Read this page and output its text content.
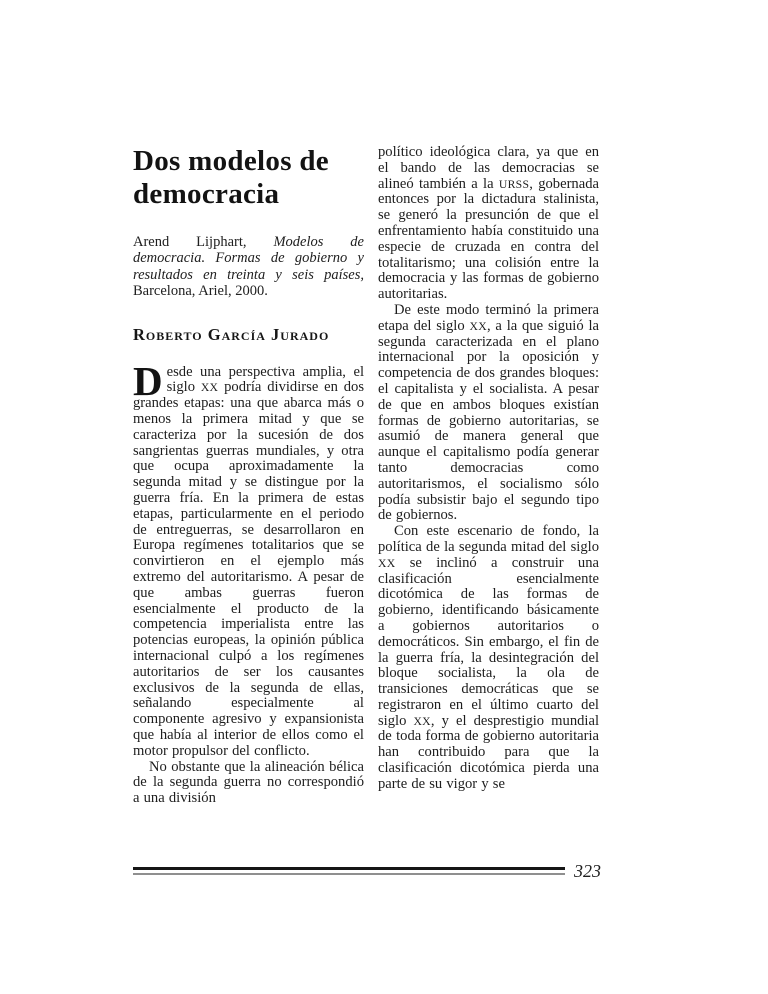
Dos modelos de democracia

Arend Lijphart, Modelos de democracia. Formas de gobierno y resultados en treinta y seis países, Barcelona, Ariel, 2000.

Roberto García Jurado

Desde una perspectiva amplia, el siglo XX podría dividirse en dos grandes etapas: una que abarca más o menos la primera mitad y que se caracteriza por la sucesión de dos sangrientas guerras mundiales, y otra que ocupa aproximadamente la segunda mitad y se distingue por la guerra fría. En la primera de estas etapas, particularmente en el periodo de entreguerras, se desarrollaron en Europa regímenes totalitarios que se convirtieron en el ejemplo más extremo del autoritarismo. A pesar de que ambas guerras fueron esencialmente el producto de la competencia imperialista entre las potencias europeas, la opinión pública internacional culpó a los regímenes autoritarios de ser los causantes exclusivos de la segunda de ellas, señalando especialmente al componente agresivo y expansionista que había al interior de ellos como el motor propulsor del conflicto.

No obstante que la alineación bélica de la segunda guerra no correspondió a una división

político ideológica clara, ya que en el bando de las democracias se alineó también a la URSS, gobernada entonces por la dictadura stalinista, se generó la presunción de que el enfrentamiento había constituido una especie de cruzada en contra del totalitarismo; una colisión entre la democracia y las formas de gobierno autoritarias.

De este modo terminó la primera etapa del siglo XX, a la que siguió la segunda caracterizada en el plano internacional por la oposición y competencia de dos grandes bloques: el capitalista y el socialista. A pesar de que en ambos bloques existían formas de gobierno autoritarias, se asumió de manera general que aunque el capitalismo podía generar tanto democracias como autoritarismos, el socialismo sólo podía subsistir bajo el segundo tipo de gobiernos.

Con este escenario de fondo, la política de la segunda mitad del siglo XX se inclinó a construir una clasificación esencialmente dicotómica de las formas de gobierno, identificando básicamente a gobiernos autoritarios o democráticos. Sin embargo, el fin de la guerra fría, la desintegración del bloque socialista, la ola de transiciones democráticas que se registraron en el último cuarto del siglo XX, y el desprestigio mundial de toda forma de gobierno autoritaria han contribuido para que la clasificación dicotómica pierda una parte de su vigor y se

323
